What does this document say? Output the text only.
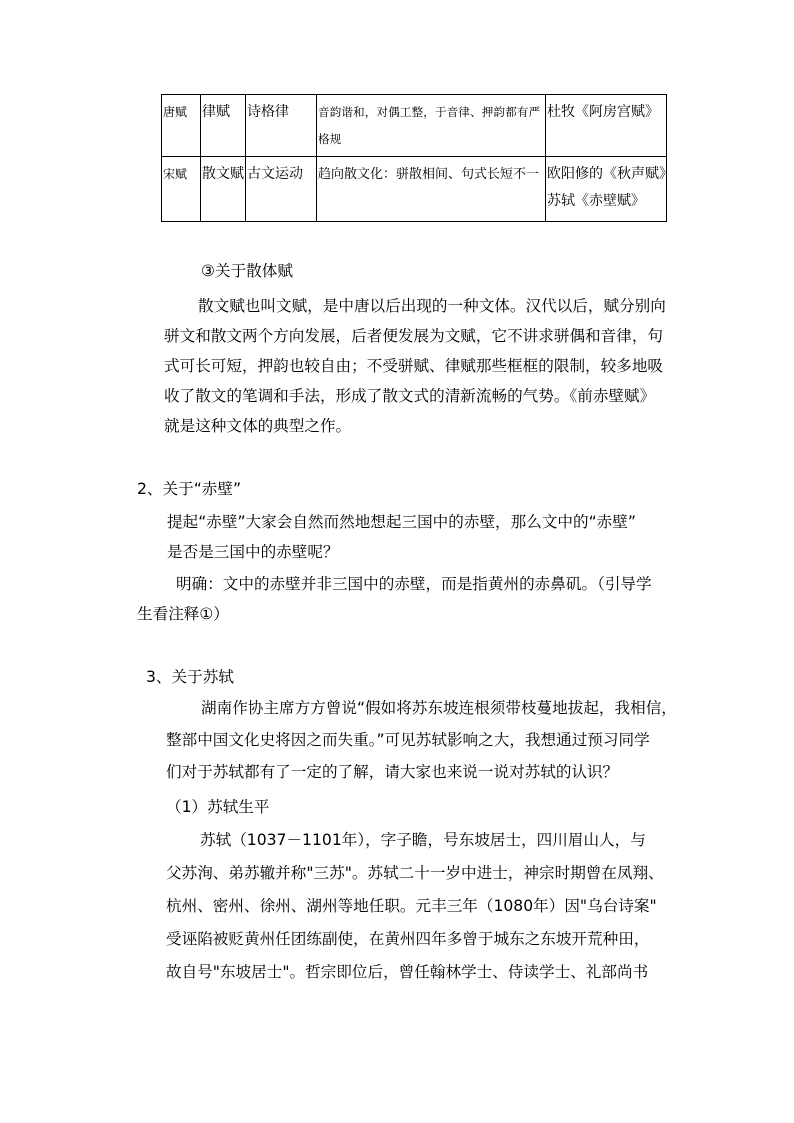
唐赋	律赋	诗格律	音韵谐和，对偶工整，于音律、押韵都有严格规	杜牧《阿房宫赋》
宋赋	散文赋	古文运动	趋向散文化：骈散相间、句式长短不一	欧阳修的《秋声赋》苏轼《赤壁赋》
③关于散体赋
散文赋也叫文赋，是中唐以后出现的一种文体。汉代以后，赋分别向
骈文和散文两个方向发展，后者便发展为文赋，它不讲求骈偶和音律，句
式可长可短，押韵也较自由；不受骈赋、律赋那些框框的限制，较多地吸
收了散文的笔调和手法，形成了散文式的清新流畅的气势。《前赤壁赋》
就是这种文体的典型之作。
2、关于“赤壁”
提起“赤壁”大家会自然而然地想起三国中的赤壁，那么文中的“赤壁”
是否是三国中的赤壁呢？
明确：文中的赤壁并非三国中的赤壁，而是指黄州的赤鼻矶。（引导学
生看注释①）
3、关于苏轼
湖南作协主席方方曾说“假如将苏东坡连根须带枝蔓地拔起，我相信，
整部中国文化史将因之而失重。”可见苏轼影响之大，我想通过预习同学
们对于苏轼都有了一定的了解，请大家也来说一说对苏轼的认识？
（1）苏轼生平
苏轼（1037－1101年），字子瞻，号东坡居士，四川眉山人，与
父苏洵、弟苏辙并称"三苏"。苏轼二十一岁中进士，神宗时期曾在凤翔、
杭州、密州、徐州、湖州等地任职。元丰三年（1080年）因"乌台诗案"
受诬陷被贬黄州任团练副使，在黄州四年多曾于城东之东坡开荒种田，
故自号"东坡居士"。哲宗即位后，曾任翰林学士、侍读学士、礼部尚书
